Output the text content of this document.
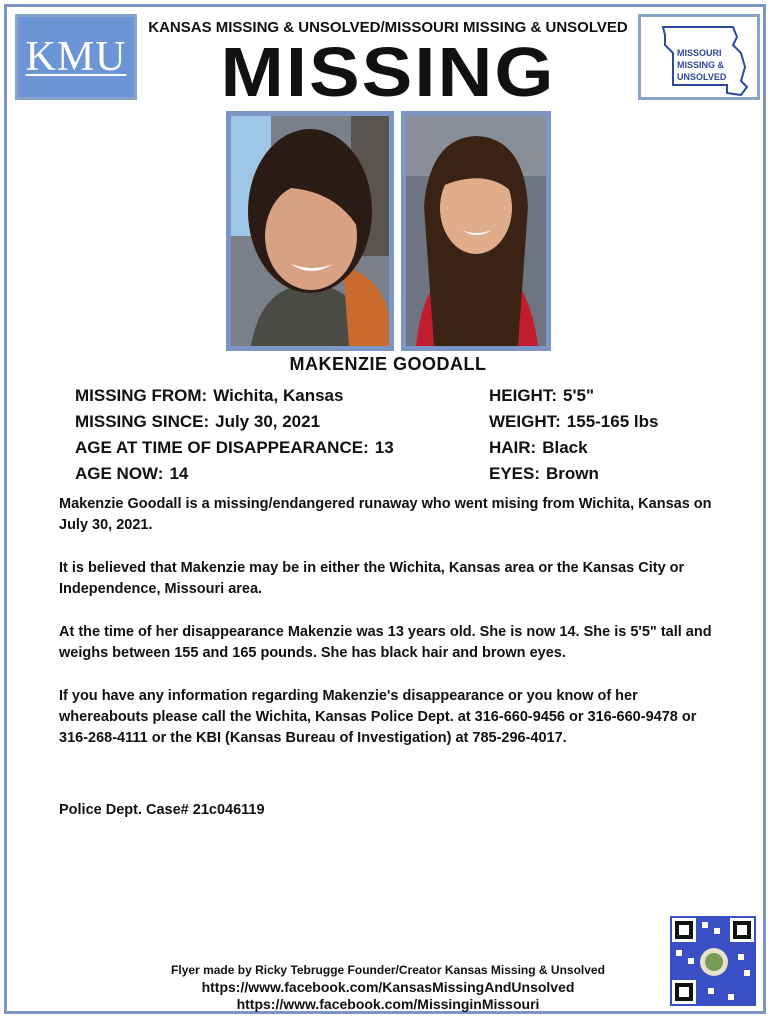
KMU
KANSAS MISSING & UNSOLVED/MISSOURI MISSING & UNSOLVED
MISSING	MISSOURI
MISSING &
UNSOLVED
MAKENZIE GOODALL
MISSING FROM: Wichita, Kansas
MISSING SINCE: July 30, 2021
AGE AT TIME OF DISAPPEARANCE: 13
AGE NOW: 14
HEIGHT: 5'5"
WEIGHT: 155-165 lbs
HAIR: Black
EYES: Brown

Makenzie Goodall is a missing/endangered runaway who went mising from Wichita, Kansas on July 30, 2021.

It is believed that Makenzie may be in either the Wichita, Kansas area or the Kansas City or Independence, Missouri area.

At the time of her disappearance Makenzie was 13 years old. She is now 14. She is 5'5" tall and weighs between 155 and 165 pounds. She has black hair and brown eyes.

If you have any information regarding Makenzie's disappearance or you know of her whereabouts please call the Wichita, Kansas Police Dept. at 316-660-9456 or 316-660-9478 or 316-268-4111 or the KBI (Kansas Bureau of Investigation) at 785-296-4017.

Police Dept. Case# 21c046119
Flyer made by Ricky Tebrugge Founder/Creator Kansas Missing & Unsolved
https://www.facebook.com/KansasMissingAndUnsolved
https://www.facebook.com/MissinginMissouri
